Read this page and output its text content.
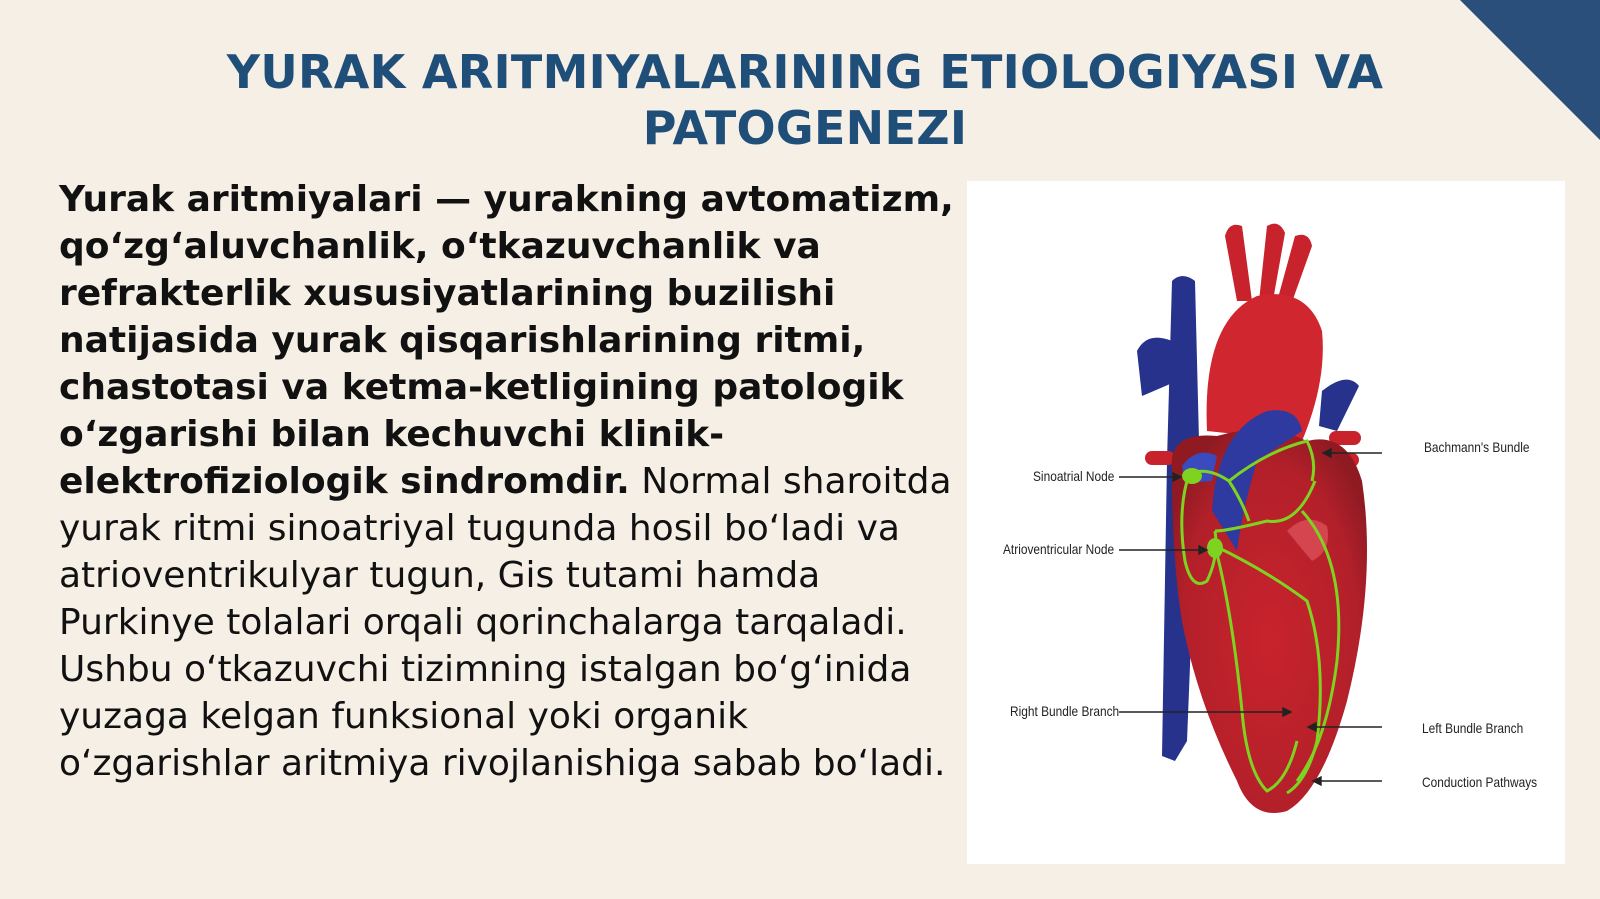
YURAK ARITMIYALARINING ETIOLOGIYASI VA
PATOGENEZI
Yurak aritmiyalari — yurakning avtomatizm, qoʻzgʻaluvchanlik, oʻtkazuvchanlik va refrakterlik xususiyatlarining buzilishi natijasida yurak qisqarishlarining ritmi, chastotasi va ketma-ketligining patologik oʻzgarishi bilan kechuvchi klinik-elektrofiziologik sindromdir. Normal sharoitda yurak ritmi sinoatriyal tugunda hosil boʻladi va atrioventrikulyar tugun, Gis tutami hamda Purkinye tolalari orqali qorinchalarga tarqaladi. Ushbu oʻtkazuvchi tizimning istalgan boʻgʻinida yuzaga kelgan funksional yoki organik oʻzgarishlar aritmiya rivojlanishiga sabab boʻladi.
Sinoatrial Node
Atrioventricular Node
Right Bundle Branch
Bachmann's Bundle
Left Bundle Branch
Conduction Pathways
